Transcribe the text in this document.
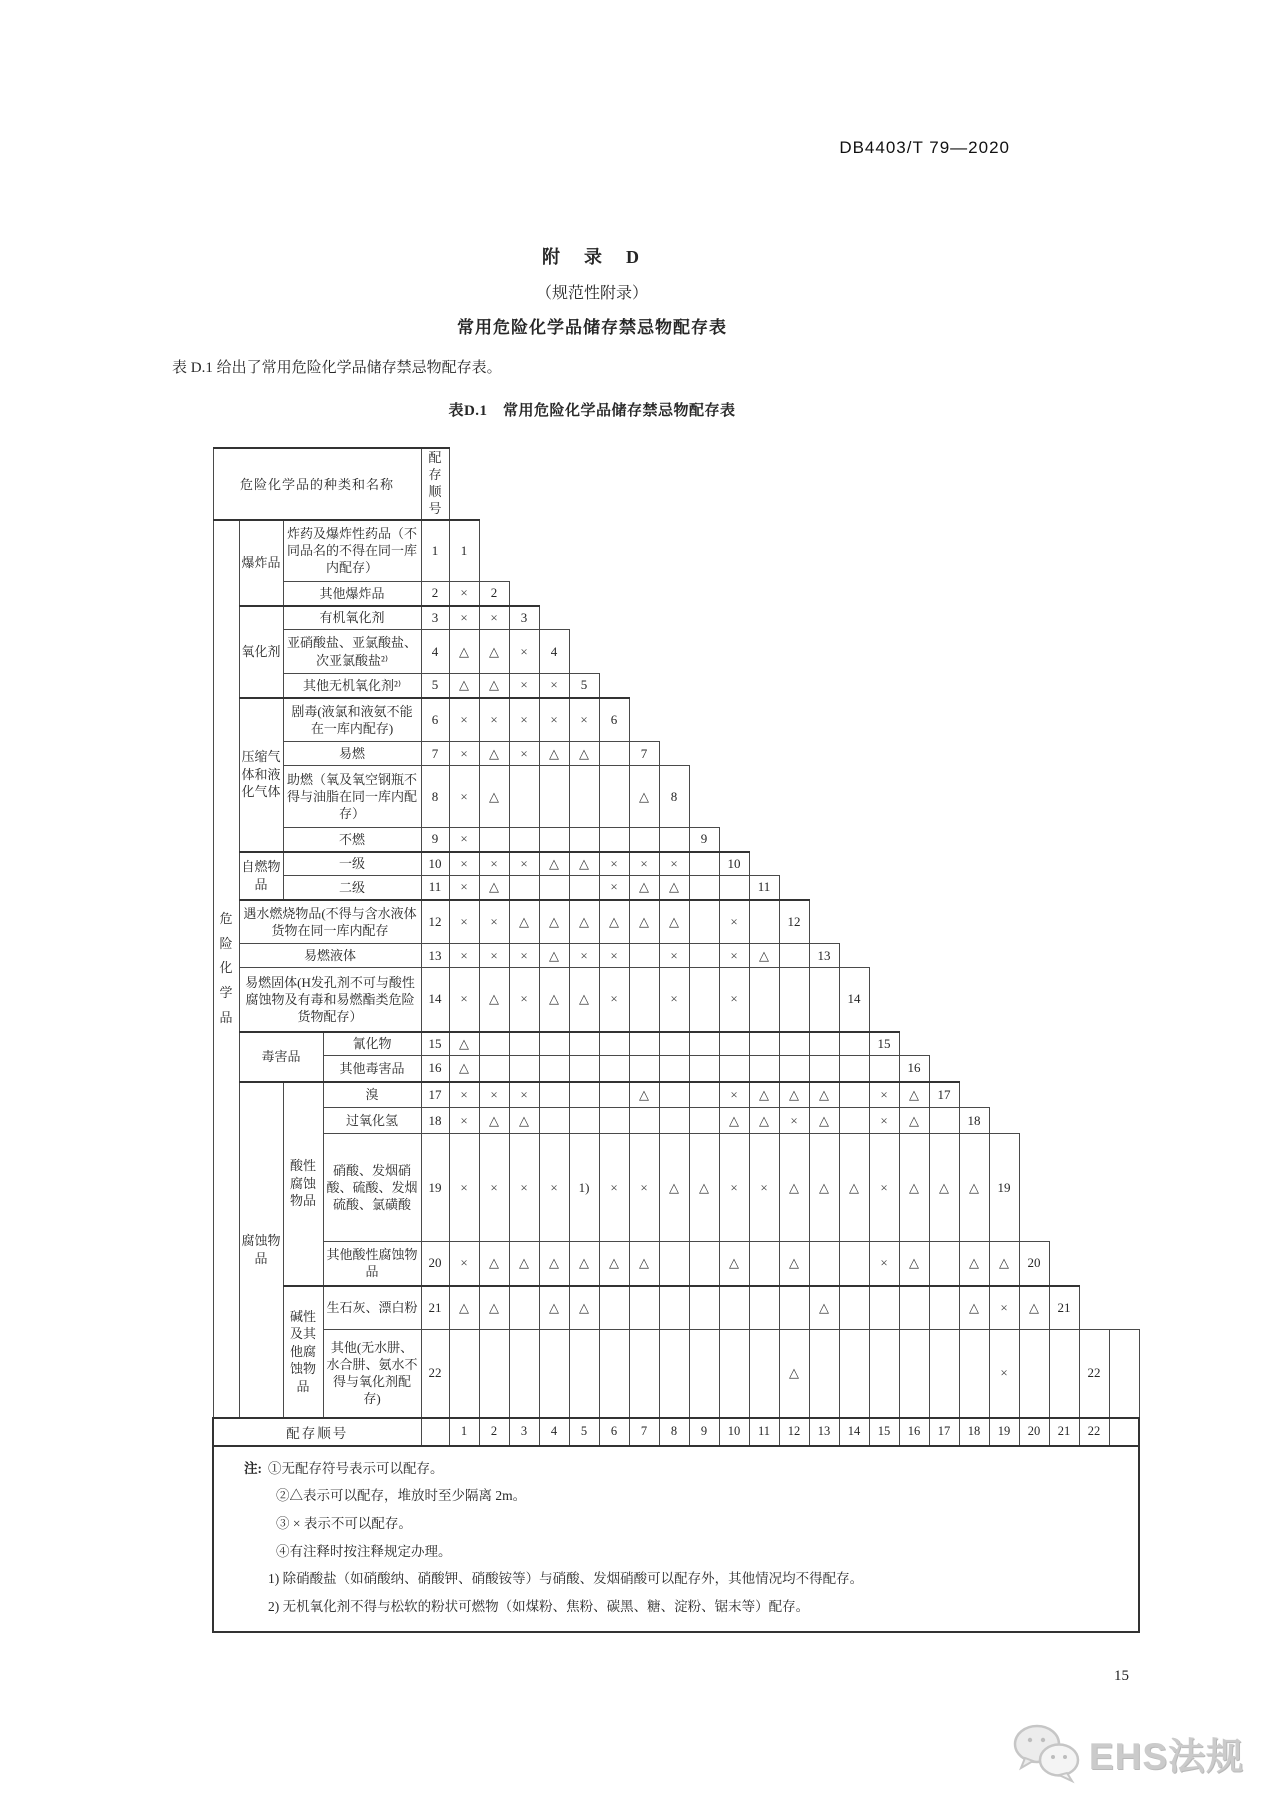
DB4403/T 79—2020
附　录　D
（规范性附录）
常用危险化学品储存禁忌物配存表
表 D.1 给出了常用危险化学品储存禁忌物配存表。
表D.1　常用危险化学品储存禁忌物配存表
危险化学品的种类和名称				配存顺号																							
危险化学品	爆炸品	炸药及爆炸性药品（不同品名的不得在同一库内配存）		1	1																						
		其他爆炸品		2	×	2																					
	氧化剂	有机氧化剂		3	×	×	3																				
		亚硝酸盐、亚氯酸盐、次亚氯酸盐²⁾		4	△	△	×	4																			
		其他无机氧化剂²⁾		5	△	△	×	×	5																		
	压缩气体和液化气体	剧毒(液氯和液氨不能在一库内配存)		6	×	×	×	×	×	6																	
		易燃		7	×	△	×	△	△		7																
		助燃（氧及氧空钢瓶不得与油脂在同一库内配存）		8	×	△					△	8															
		不燃		9	×								9														
	自燃物品	一级		10	×	×	×	△	△	×	×	×		10													
		二级		11	×	△				×	△	△			11												
	遇水燃烧物品(不得与含水液体货物在同一库内配存			12	×	×	△	△	△	△	△	△		×		12											
	易燃液体			13	×	×	×	△	×	×		×		×	△		13										
	易燃固体(H发孔剂不可与酸性腐蚀物及有毒和易燃酯类危险货物配存）			14	×	△	×	△	△	×		×		×				14									
	毒害品		氰化物	15	△														15								
			其他毒害品	16	△															16							
	腐蚀物品	酸性腐蚀物品	溴	17	×	×	×				△			×	△	△	△		×	△	17						
			过氧化氢	18	×	△	△							△	△	×	△		×	△		18					
			硝酸、发烟硝酸、硫酸、发烟硫酸、氯磺酸	19	×	×	×	×	1)	×	×	△	△	×	×	△	△	△	×	△	△	△	19				
			其他酸性腐蚀物品	20	×	△	△	△	△	△	△			△		△			×	△		△	△	20			
		碱性及其他腐蚀物品	生石灰、漂白粉	21	△	△		△	△								△					△	×	△	21		
			其他(无水肼、水合肼、氨水不得与氧化剂配存)	22												△							×			22	
配存顺号					1	2	3	4	5	6	7	8	9	10	11	12	13	14	15	16	17	18	19	20	21	22	
注: ①无配存符号表示可以配存。
②△表示可以配存，堆放时至少隔离 2m。
③ × 表示不可以配存。
④有注释时按注释规定办理。
1) 除硝酸盐（如硝酸纳、硝酸钾、硝酸铵等）与硝酸、发烟硝酸可以配存外，其他情况均不得配存。
2) 无机氧化剂不得与松软的粉状可燃物（如煤粉、焦粉、碳黑、糖、淀粉、锯末等）配存。
15
EHS法规
